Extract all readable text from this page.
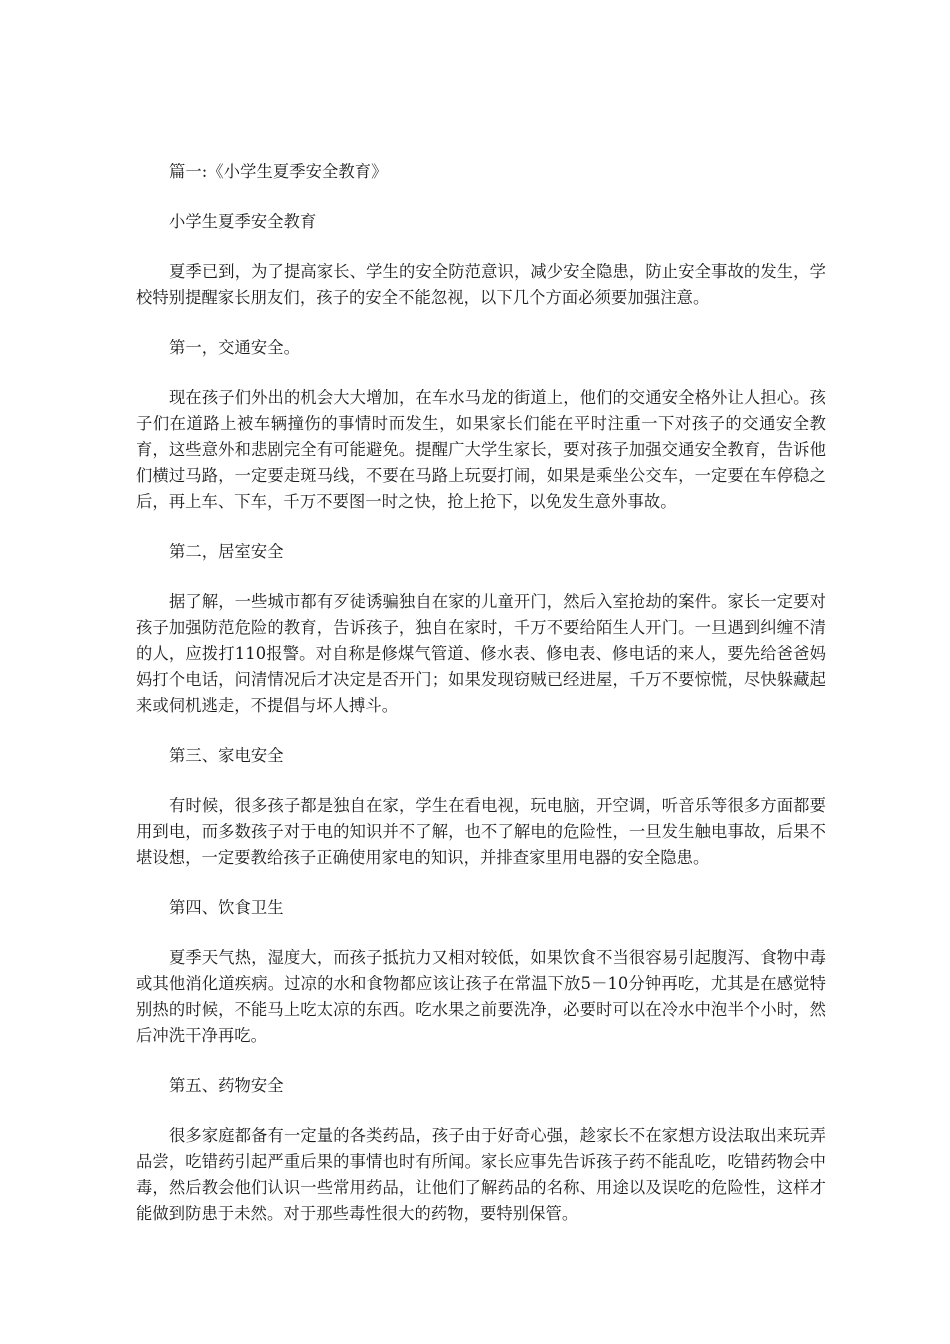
篇一:《小学生夏季安全教育》

小学生夏季安全教育

夏季已到，为了提高家长、学生的安全防范意识，减少安全隐患，防止安全事故的发生，学校特别提醒家长朋友们，孩子的安全不能忽视，以下几个方面必须要加强注意。

第一，交通安全。

现在孩子们外出的机会大大增加，在车水马龙的街道上，他们的交通安全格外让人担心。孩子们在道路上被车辆撞伤的事情时而发生，如果家长们能在平时注重一下对孩子的交通安全教育，这些意外和悲剧完全有可能避免。提醒广大学生家长，要对孩子加强交通安全教育，告诉他们横过马路，一定要走斑马线，不要在马路上玩耍打闹，如果是乘坐公交车，一定要在车停稳之后，再上车、下车，千万不要图一时之快，抢上抢下，以免发生意外事故。

第二，居室安全

据了解，一些城市都有歹徒诱骗独自在家的儿童开门，然后入室抢劫的案件。家长一定要对孩子加强防范危险的教育，告诉孩子，独自在家时，千万不要给陌生人开门。一旦遇到纠缠不清的人，应拨打110报警。对自称是修煤气管道、修水表、修电表、修电话的来人，要先给爸爸妈妈打个电话，问清情况后才决定是否开门；如果发现窃贼已经进屋，千万不要惊慌，尽快躲藏起来或伺机逃走，不提倡与坏人搏斗。

第三、家电安全

有时候，很多孩子都是独自在家，学生在看电视，玩电脑，开空调，听音乐等很多方面都要用到电，而多数孩子对于电的知识并不了解，也不了解电的危险性，一旦发生触电事故，后果不堪设想，一定要教给孩子正确使用家电的知识，并排查家里用电器的安全隐患。

第四、饮食卫生

夏季天气热，湿度大，而孩子抵抗力又相对较低，如果饮食不当很容易引起腹泻、食物中毒或其他消化道疾病。过凉的水和食物都应该让孩子在常温下放5－10分钟再吃，尤其是在感觉特别热的时候，不能马上吃太凉的东西。吃水果之前要洗净，必要时可以在冷水中泡半个小时，然后冲洗干净再吃。

第五、药物安全

很多家庭都备有一定量的各类药品，孩子由于好奇心强，趁家长不在家想方设法取出来玩弄品尝，吃错药引起严重后果的事情也时有所闻。家长应事先告诉孩子药不能乱吃，吃错药物会中毒，然后教会他们认识一些常用药品，让他们了解药品的名称、用途以及误吃的危险性，这样才能做到防患于未然。对于那些毒性很大的药物，要特别保管。
